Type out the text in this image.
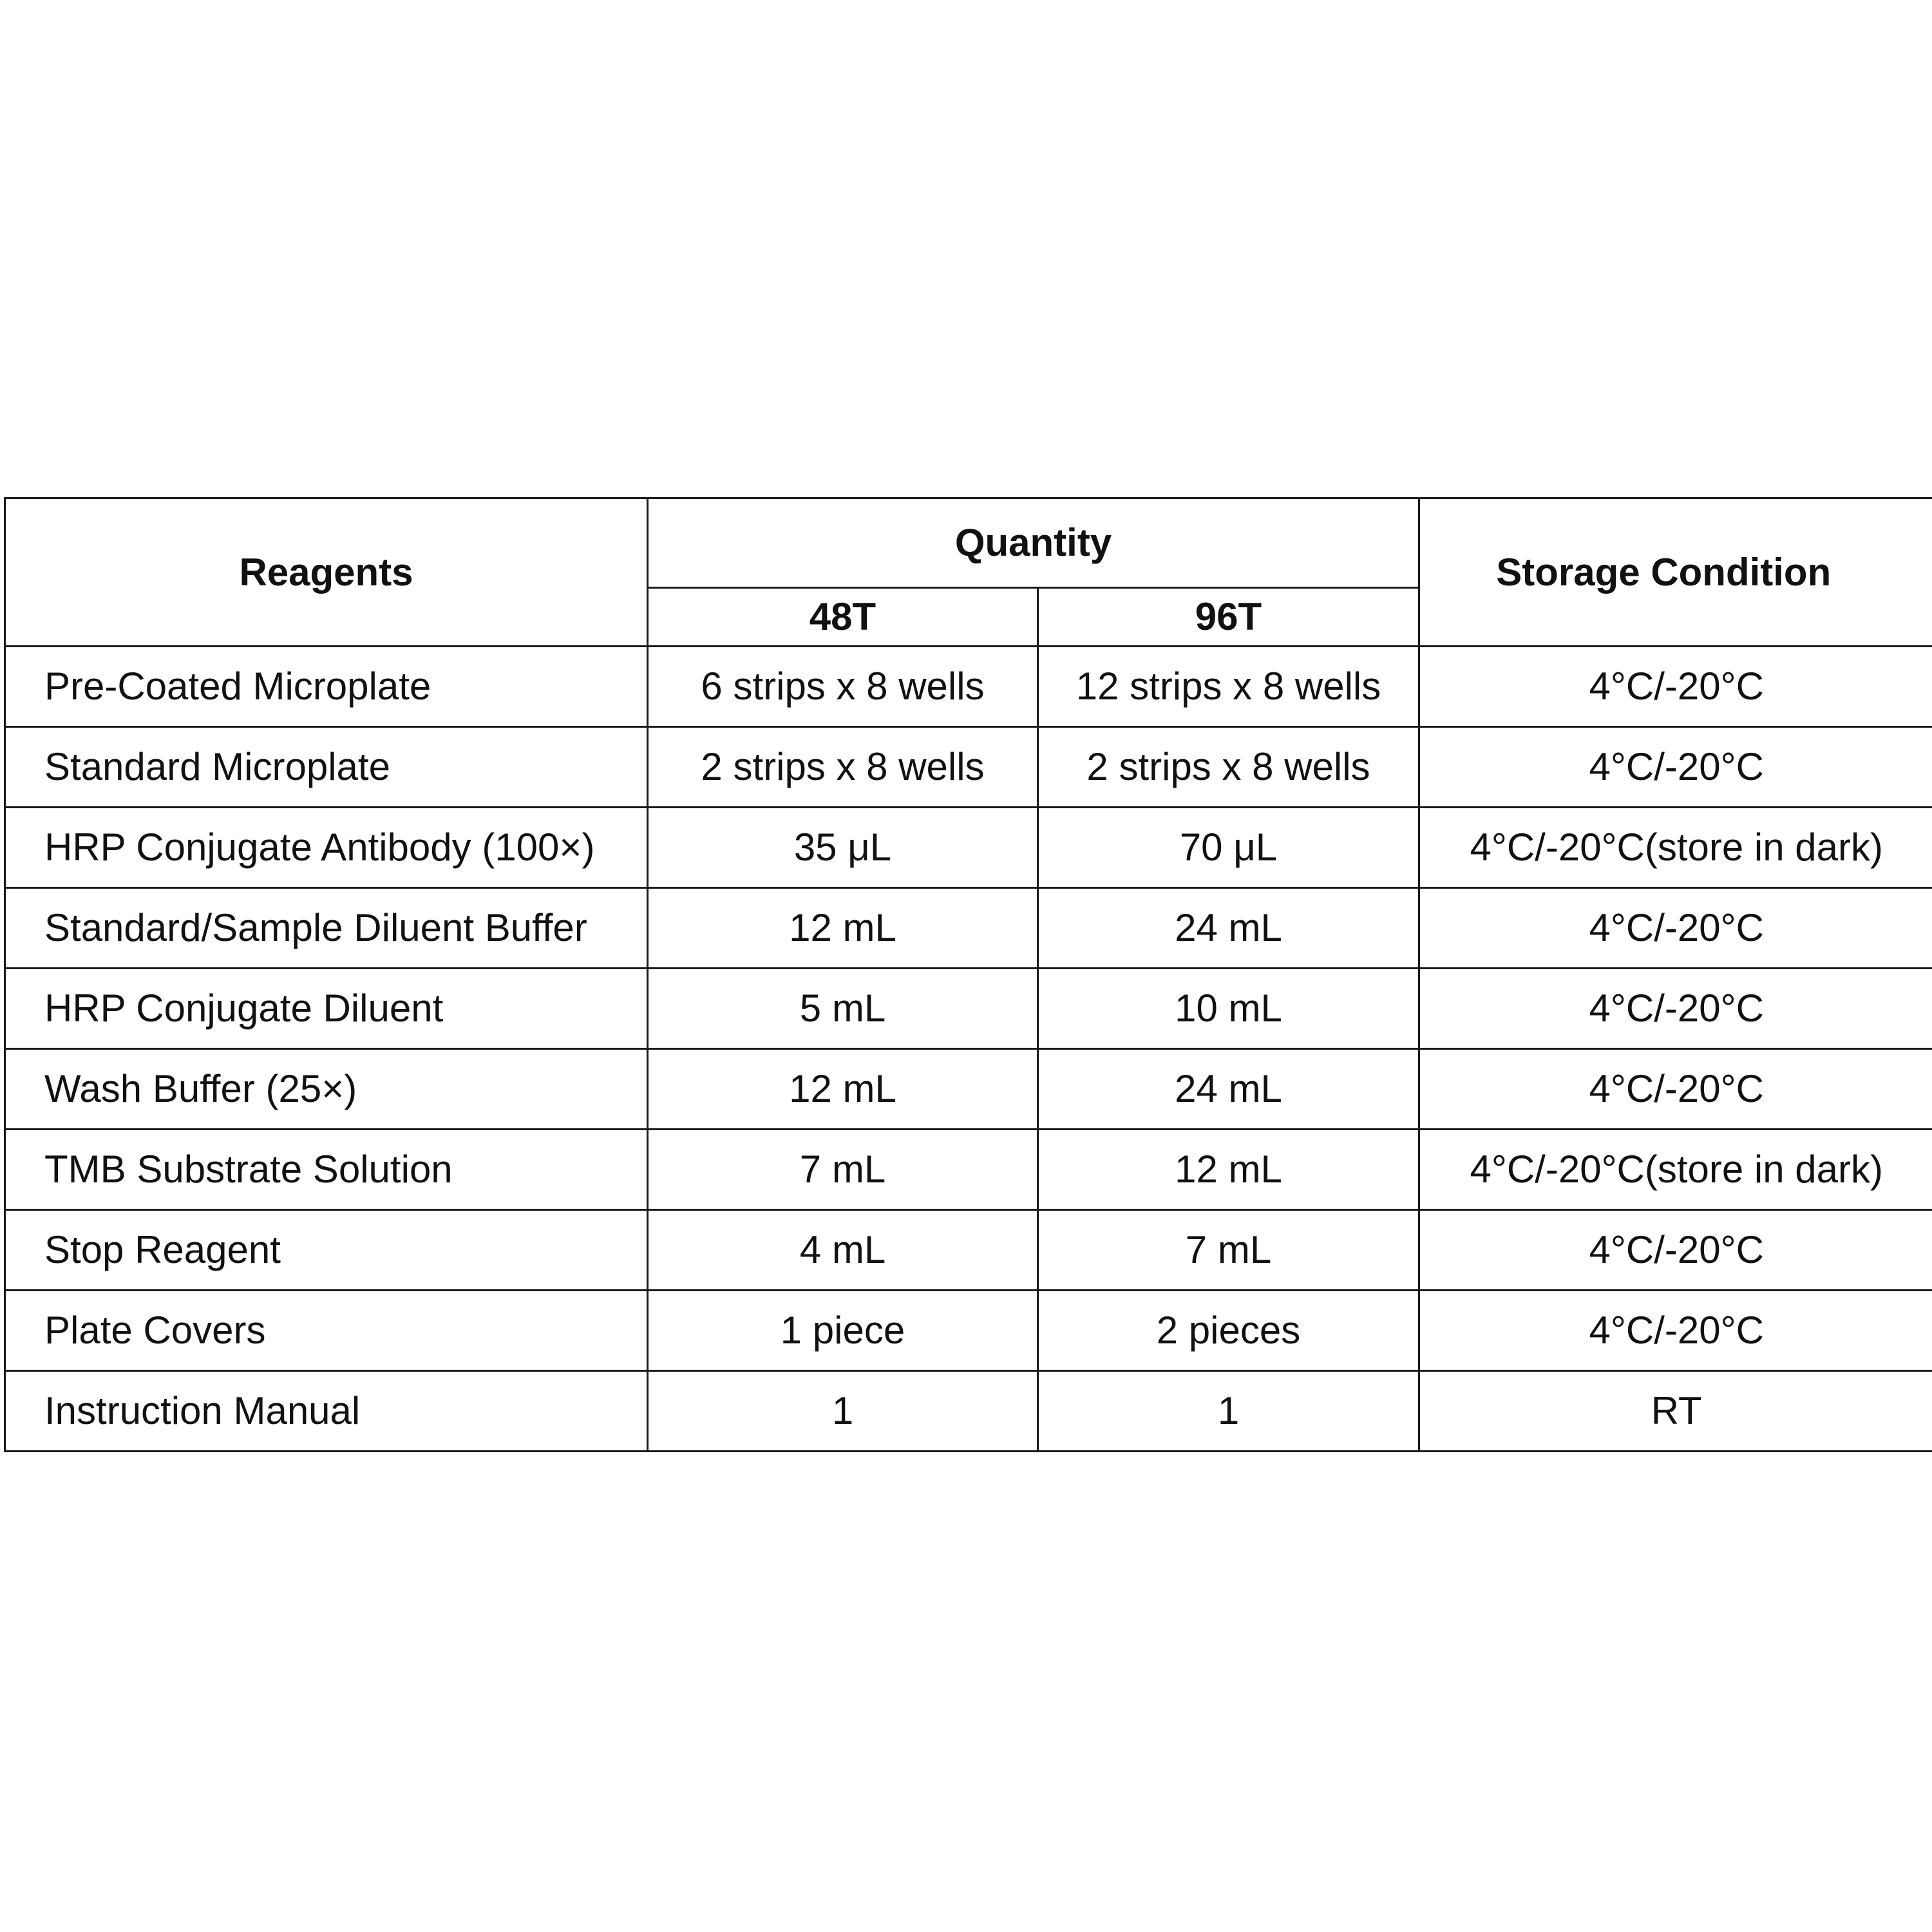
Reagents	Quantity		Storage Condition
	48T	96T	
Pre-Coated Microplate	6 strips x 8 wells	12 strips x 8 wells	4°C/-20°C
Standard Microplate	2 strips x 8 wells	2 strips x 8 wells	4°C/-20°C
HRP Conjugate Antibody (100×)	35 μL	70 μL	4°C/-20°C(store in dark)
Standard/Sample Diluent Buffer	12 mL	24 mL	4°C/-20°C
HRP Conjugate Diluent	5 mL	10 mL	4°C/-20°C
Wash Buffer (25×)	12 mL	24 mL	4°C/-20°C
TMB Substrate Solution	7 mL	12 mL	4°C/-20°C(store in dark)
Stop Reagent	4 mL	7 mL	4°C/-20°C
Plate Covers	1 piece	2 pieces	4°C/-20°C
Instruction Manual	1	1	RT
